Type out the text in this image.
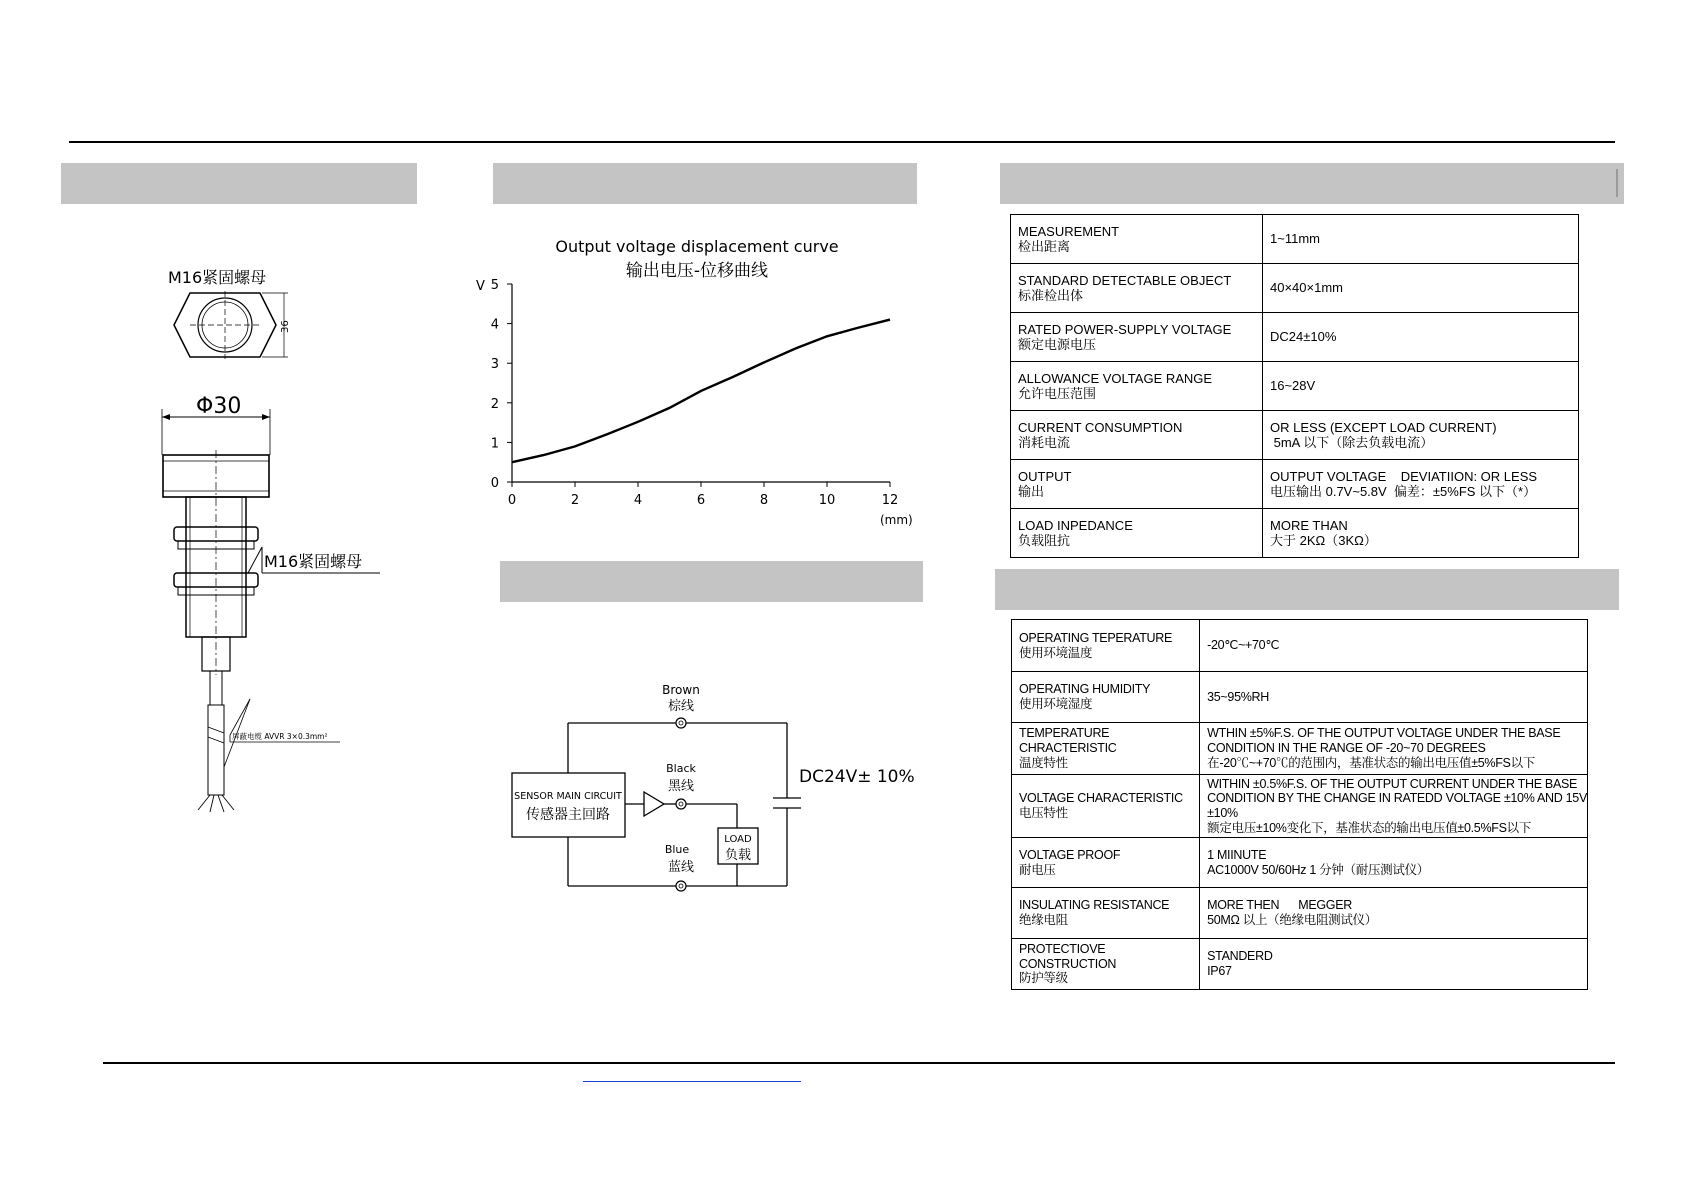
M16紧固螺母
36
Φ30
M16紧固螺母
屏蔽电缆 AVVR 3×0.3mm²
Output voltage displacement curve
输出电压-位移曲线
V
(mm)
0	2	4	6	8	10	12
0
1
2
3
4
5
DC24V± 10%
Brown
棕线
Black
黑线
Blue
蓝线
SENSOR MAIN CIRCUIT
传感器主回路
LOAD
负载
MEASUREMENT
检出距离	1~11mm

STANDARD DETECTABLE OBJECT
标准检出体	40×40×1mm

RATED POWER-SUPPLY VOLTAGE
额定电源电压	DC24±10%

ALLOWANCE VOLTAGE RANGE
允许电压范围	16~28V

CURRENT CONSUMPTION
消耗电流	OR LESS (EXCEPT LOAD CURRENT)
5mA 以下（除去负载电流）

OUTPUT
输出	OUTPUT VOLTAGE    DEVIATIION: OR LESS
电压输出 0.7V~5.8V  偏差：±5%FS 以下（*）

LOAD INPEDANCE
负载阻抗	MORE THAN
大于 2KΩ（3KΩ）
OPERATING TEPERATURE
使用环境温度	-20℃~+70℃

OPERATING HUMIDITY
使用环境湿度	35~95%RH

TEMPERATURE CHRACTERISTIC
温度特性	WTHIN ±5%F.S. OF THE OUTPUT VOLTAGE UNDER THE BASE
CONDITION IN THE RANGE OF -20~70 DEGREES
在-20℃~+70℃的范围内，基准状态的输出电压值±5%FS以下

VOLTAGE CHARACTERISTIC
电压特性	WITHIN ±0.5%F.S. OF THE OUTPUT CURRENT UNDER THE BASE
CONDITION BY THE CHANGE IN RATEDD VOLTAGE ±10% AND 15V
±10%
额定电压±10%变化下，基准状态的输出电压值±0.5%FS以下

VOLTAGE PROOF
耐电压	1 MIINUTE
AC1000V 50/60Hz 1 分钟（耐压测试仪）

INSULATING RESISTANCE
绝缘电阻	MORE THEN      MEGGER
50MΩ 以上（绝缘电阻测试仪）

PROTECTIOVE CONSTRUCTION
防护等级	STANDERD
IP67
